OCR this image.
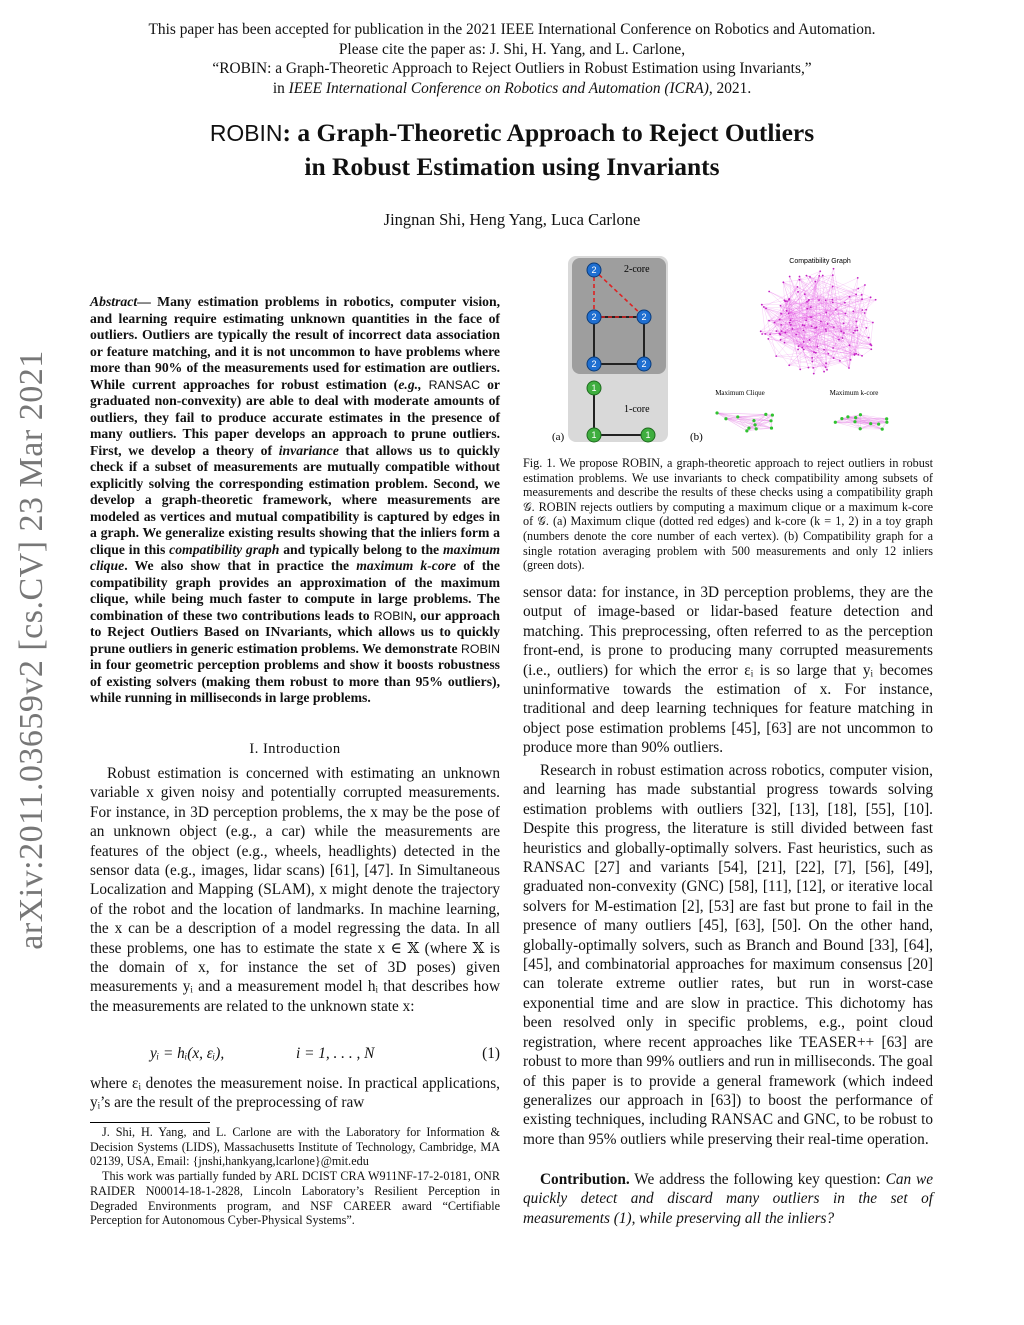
This paper has been accepted for publication in the 2021 IEEE International Conference on Robotics and Automation.
Please cite the paper as: J. Shi, H. Yang, and L. Carlone,
“ROBIN: a Graph-Theoretic Approach to Reject Outliers in Robust Estimation using Invariants,”
in IEEE International Conference on Robotics and Automation (ICRA), 2021.
ROBIN: a Graph-Theoretic Approach to Reject Outliers
in Robust Estimation using Invariants
Jingnan Shi, Heng Yang, Luca Carlone
arXiv:2011.03659v2 [cs.CV] 23 Mar 2021
Abstract— Many estimation problems in robotics, computer vision, and learning require estimating unknown quantities in the face of outliers. Outliers are typically the result of incorrect data association or feature matching, and it is not uncommon to have problems where more than 90% of the measurements used for estimation are outliers. While current approaches for robust estimation (e.g., RANSAC or graduated non-convexity) are able to deal with moderate amounts of outliers, they fail to produce accurate estimates in the presence of many outliers. This paper develops an approach to prune outliers. First, we develop a theory of invariance that allows us to quickly check if a subset of measurements are mutually compatible without explicitly solving the corresponding estimation problem. Second, we develop a graph-theoretic framework, where measurements are modeled as vertices and mutual compatibility is captured by edges in a graph. We generalize existing results showing that the inliers form a clique in this compatibility graph and typically belong to the maximum clique. We also show that in practice the maximum k-core of the compatibility graph provides an approximation of the maximum clique, while being much faster to compute in large problems. The combination of these two contributions leads to ROBIN, our approach to Reject Outliers Based on INvariants, which allows us to quickly prune outliers in generic estimation problems. We demonstrate ROBIN in four geometric perception problems and show it boosts robustness of existing solvers (making them robust to more than 95% outliers), while running in milliseconds in large problems.
I. Introduction

Robust estimation is concerned with estimating an unknown variable x given noisy and potentially corrupted measurements. For instance, in 3D perception problems, the x may be the pose of an unknown object (e.g., a car) while the measurements are features of the object (e.g., wheels, headlights) detected in the sensor data (e.g., images, lidar scans) [61], [47]. In Simultaneous Localization and Mapping (SLAM), x might denote the trajectory of the robot and the location of landmarks. In machine learning, the x can be a description of a model regressing the data. In all these problems, one has to estimate the state x ∈ 𝕏 (where 𝕏 is the domain of x, for instance the set of 3D poses) given measurements yᵢ and a measurement model hᵢ that describes how the measurements are related to the unknown state x:

yᵢ = hᵢ(x, εᵢ),	i = 1, . . . , N	(1)
where εᵢ denotes the measurement noise. In practical applications, yᵢ’s are the result of the preprocessing of raw

J. Shi, H. Yang, and L. Carlone are with the Laboratory for Information & Decision Systems (LIDS), Massachusetts Institute of Technology, Cambridge, MA 02139, USA, Email: {jnshi,hankyang,lcarlone}@mit.edu

This work was partially funded by ARL DCIST CRA W911NF-17-2-0181, ONR RAIDER N00014-18-1-2828, Lincoln Laboratory’s Resilient Perception in Degraded Environments program, and NSF CAREER award “Certifiable Perception for Autonomous Cyber-Physical Systems”.

2
2	2
2	2
1
1	1
2-core
1-core
(a)
Compatibility Graph
Maximum Clique	Maximum k-core
(b)
Fig. 1. We propose ROBIN, a graph-theoretic approach to reject outliers in robust estimation problems. We use invariants to check compatibility among subsets of measurements and describe the results of these checks using a compatibility graph 𝒢. ROBIN rejects outliers by computing a maximum clique or a maximum k-core of 𝒢. (a) Maximum clique (dotted red edges) and k-core (k = 1, 2) in a toy graph (numbers denote the core number of each vertex). (b) Compatibility graph for a single rotation averaging problem with 500 measurements and only 12 inliers (green dots).
sensor data: for instance, in 3D perception problems, they are the output of image-based or lidar-based feature detection and matching. This preprocessing, often referred to as the perception front-end, is prone to producing many corrupted measurements (i.e., outliers) for which the error εᵢ is so large that yᵢ becomes uninformative towards the estimation of x. For instance, traditional and deep learning techniques for feature matching in object pose estimation problems [45], [63] are not uncommon to produce more than 90% outliers.

Research in robust estimation across robotics, computer vision, and learning has made substantial progress towards solving estimation problems with outliers [32], [13], [18], [55], [10]. Despite this progress, the literature is still divided between fast heuristics and globally-optimally solvers. Fast heuristics, such as RANSAC [27] and variants [54], [21], [22], [7], [56], [49], graduated non-convexity (GNC) [58], [11], [12], or iterative local solvers for M-estimation [2], [53] are fast but prone to fail in the presence of many outliers [45], [63], [50]. On the other hand, globally-optimally solvers, such as Branch and Bound [33], [64], [45], and combinatorial approaches for maximum consensus [20] can tolerate extreme outlier rates, but run in worst-case exponential time and are slow in practice. This dichotomy has been resolved only in specific problems, e.g., point cloud registration, where recent approaches like TEASER++ [63] are robust to more than 99% outliers and run in milliseconds. The goal of this paper is to provide a general framework (which indeed generalizes our approach in [63]) to boost the performance of existing techniques, including RANSAC and GNC, to be robust to more than 95% outliers while preserving their real-time operation.

Contribution. We address the following key question: Can we quickly detect and discard many outliers in the set of measurements (1), while preserving all the inliers?
